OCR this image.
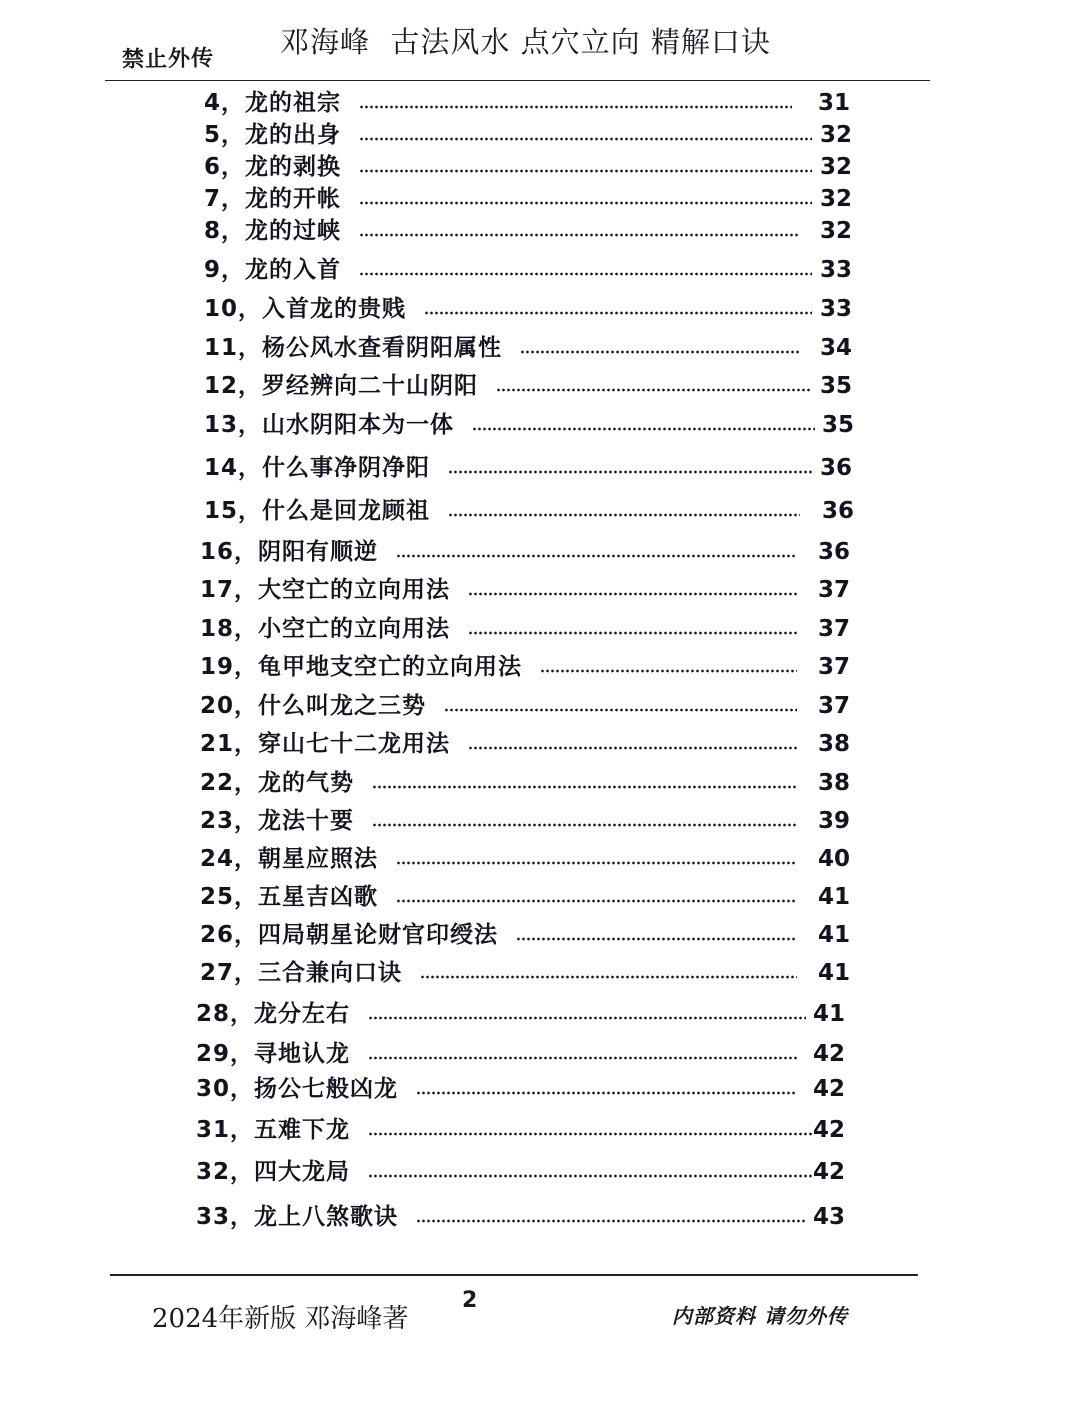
禁止外传
邓海峰  古法风水 点穴立向 精解口诀
4，龙的祖宗	31
5，龙的出身	32
6，龙的剥换	32
7，龙的开帐	32
8，龙的过峡	32
9，龙的入首	33
10，入首龙的贵贱	33
11，杨公风水查看阴阳属性	34
12，罗经辨向二十山阴阳	35
13，山水阴阳本为一体	35
14，什么事净阴净阳	36
15，什么是回龙顾祖	36
16，阴阳有顺逆	36
17，大空亡的立向用法	37
18，小空亡的立向用法	37
19，龟甲地支空亡的立向用法	37
20，什么叫龙之三势	37
21，穿山七十二龙用法	38
22，龙的气势	38
23，龙法十要	39
24，朝星应照法	40
25，五星吉凶歌	41
26，四局朝星论财官印绶法	41
27，三合兼向口诀	41
28，龙分左右	41
29，寻地认龙	42
30，扬公七般凶龙	42
31，五难下龙	42
32，四大龙局	42
33，龙上八煞歌诀	43
2024年新版 邓海峰著
2
内部资料 请勿外传
